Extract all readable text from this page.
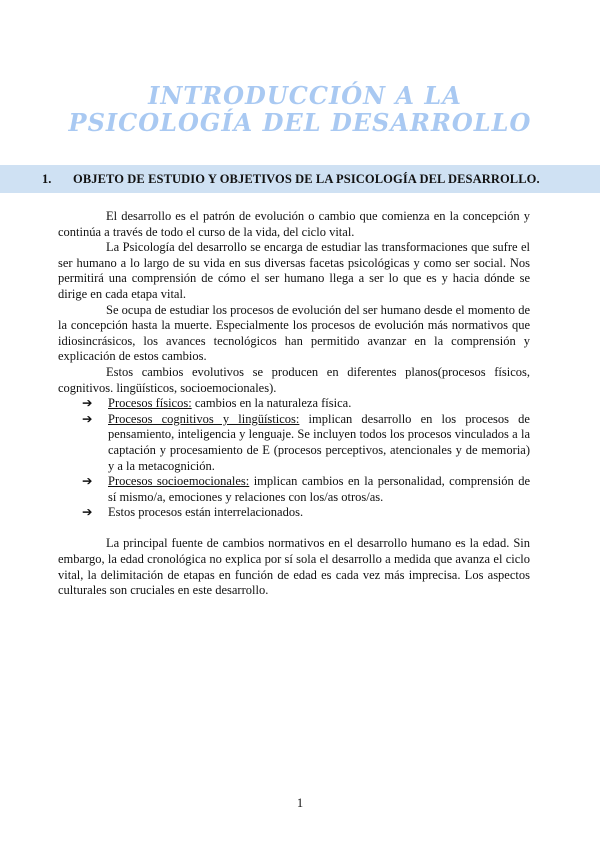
INTRODUCCIÓN A LA
PSICOLOGÍA DEL DESARROLLO
1. OBJETO DE ESTUDIO Y OBJETIVOS DE LA PSICOLOGÍA DEL DESARROLLO.

El desarrollo es el patrón de evolución o cambio que comienza en la concepción y continúa a través de todo el curso de la vida, del ciclo vital.

La Psicología del desarrollo se encarga de estudiar las transformaciones que sufre el ser humano a lo largo de su vida en sus diversas facetas psicológicas y como ser social. Nos permitirá una comprensión de cómo el ser humano llega a ser lo que es y hacia dónde se dirige en cada etapa vital.

Se ocupa de estudiar los procesos de evolución del ser humano desde el momento de la concepción hasta la muerte. Especialmente los procesos de evolución más normativos que idiosincrásicos, los avances tecnológicos han permitido avanzar en la comprensión y explicación de estos cambios.

Estos cambios evolutivos se producen en diferentes planos(procesos físicos, cognitivos. lingüísticos, socioemocionales).

➔ Procesos físicos: cambios en la naturaleza física.
➔ Procesos cognitivos y lingüísticos: implican desarrollo en los procesos de pensamiento, inteligencia y lenguaje. Se incluyen todos los procesos vinculados a la captación y procesamiento de E (procesos perceptivos, atencionales y de memoria) y a la metacognición.
➔ Procesos socioemocionales: implican cambios en la personalidad, comprensión de sí mismo/a, emociones y relaciones con los/as otros/as.
➔ Estos procesos están interrelacionados.

La principal fuente de cambios normativos en el desarrollo humano es la edad. Sin embargo, la edad cronológica no explica por sí sola el desarrollo a medida que avanza el ciclo vital, la delimitación de etapas en función de edad es cada vez más imprecisa. Los aspectos culturales son cruciales en este desarrollo.

1
